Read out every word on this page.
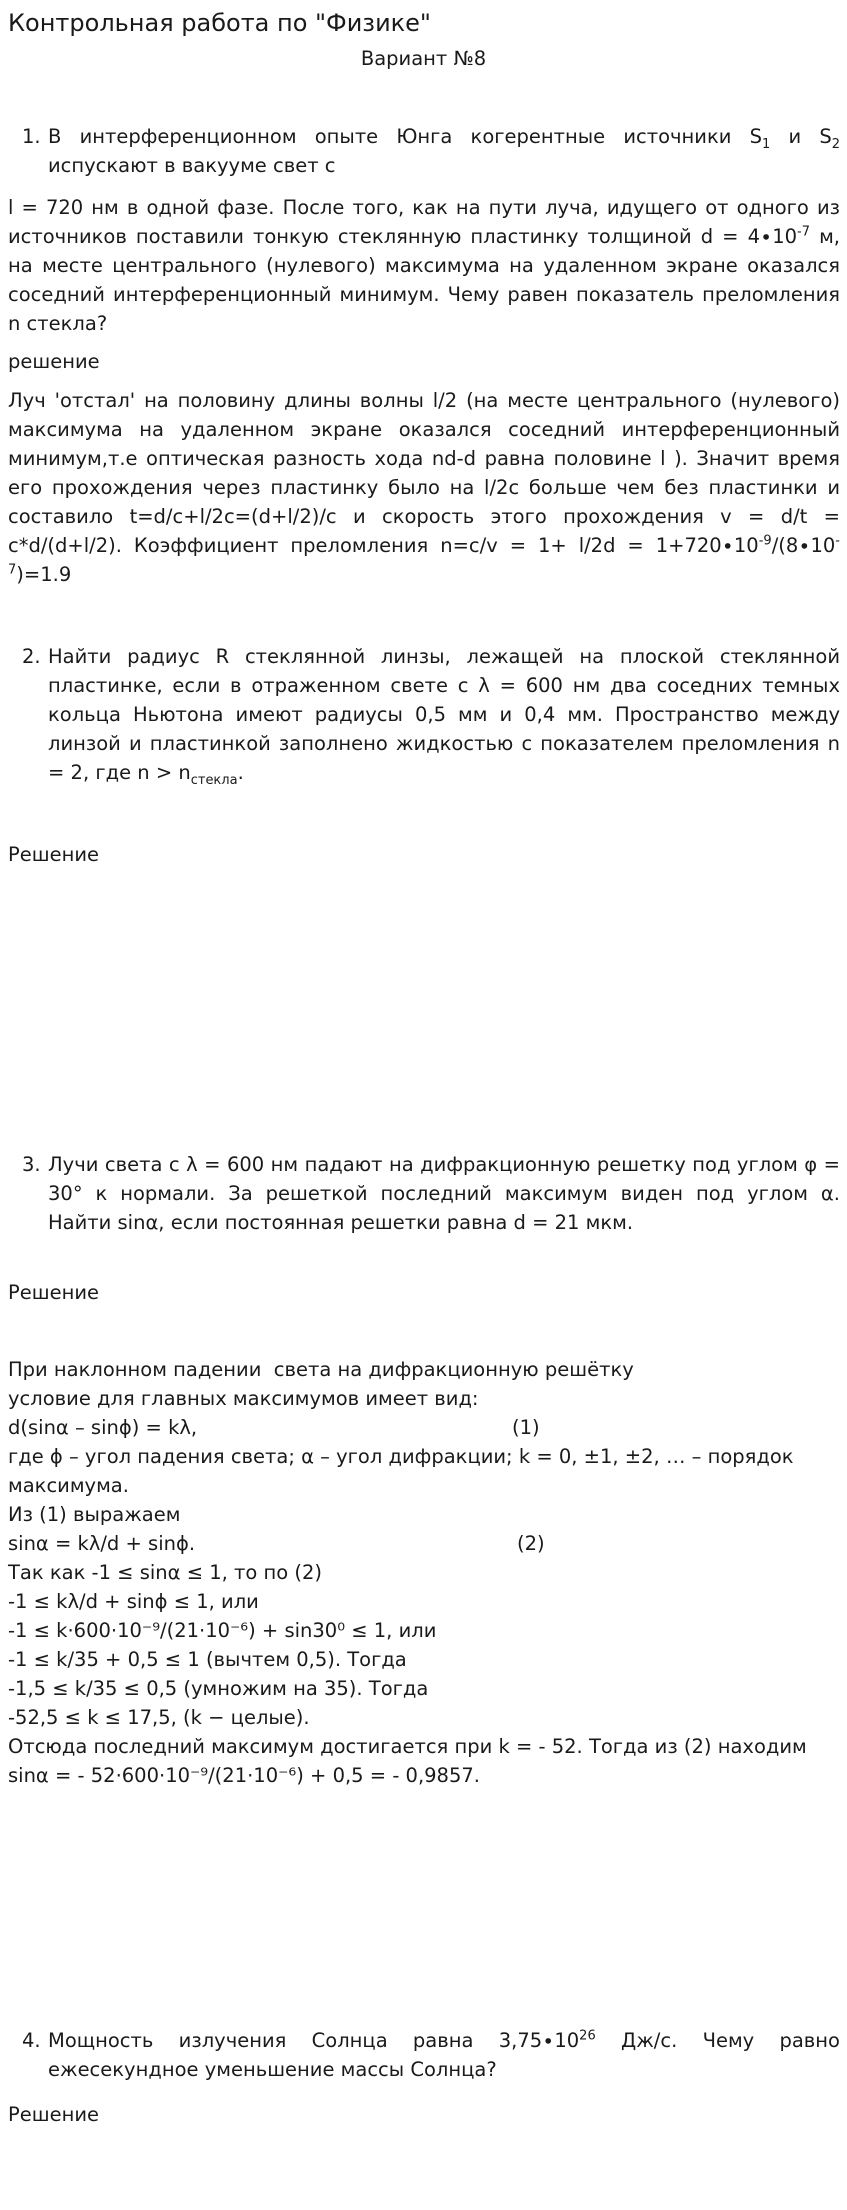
Контрольная работа по "Физике"
Вариант №8
1. В интерференционном опыте Юнга когерентные источники $S_1$ и $S_2$
испускают в вакууме свет с
l = 720 нм в одной фазе. После того, как на пути луча, идущего от одного из источников поставили тонкую стеклянную пластинку толщиной $d = 4\cdot 10^{-7}$ м, на месте центрального (нулевого) максимума на удаленном экране оказался соседний интерференционный минимум. Чему равен показатель преломления n стекла?
решение
Луч 'отстал' на половину длины волны l/2 (на месте центрального (нулевого) максимума на удаленном экране оказался соседний интерференционный минимум,т.е оптическая разность хода nd-d равна половине l ). Значит время его прохождения через пластинку было на l/2c больше чем без пластинки и составило t=d/c+l/2c=(d+l/2)/c и скорость этого прохождения v = d/t = c*d/(d+l/2). Коэффициент преломления $n=c/v = 1+ l/2d = 1+720\cdot 10^{-9}/(8\cdot 10^{-7})=1.9$
2. Найти радиус R стеклянной линзы, лежащей на плоской стеклянной пластинке, если в отраженном свете с λ = 600 нм два соседних темных кольца Ньютона имеют радиусы 0,5 мм и 0,4 мм. Пространство между линзой и пластинкой заполнено жидкостью с показателем преломления n = 2, где $n > n_{стекла}$.
Решение
3. Лучи света с λ = 600 нм падают на дифракционную решетку под углом φ = 30° к нормали. За решеткой последний максимум виден под углом α. Найти sinα, если постоянная решетки равна d = 21 мкм.
Решение
При наклонном падении  света на дифракционную решётку
условие для главных максимумов имеет вид:
d(sinα – sinϕ) = kλ,	(1)
где ϕ – угол падения света; α – угол дифракции; k = 0, ±1, ±2, … – порядок
максимума.
Из (1) выражаем
sinα = kλ/d + sinϕ.	(2)
Так как -1 ≤ sinα ≤ 1, то по (2)
-1 ≤ kλ/d + sinϕ ≤ 1, или
-1 ≤ k·600·10⁻⁹/(21·10⁻⁶) + sin30⁰ ≤ 1, или
-1 ≤ k/35 + 0,5 ≤ 1 (вычтем 0,5). Тогда
-1,5 ≤ k/35 ≤ 0,5 (умножим на 35). Тогда
-52,5 ≤ k ≤ 17,5, (k − целые).
Отсюда последний максимум достигается при k = - 52. Тогда из (2) находим
sinα = - 52·600·10⁻⁹/(21·10⁻⁶) + 0,5 = - 0,9857.
4. Мощность излучения Солнца равна $3,75\cdot 10^{26}$ Дж/с. Чему равно
ежесекундное уменьшение массы Солнца?
Решение
